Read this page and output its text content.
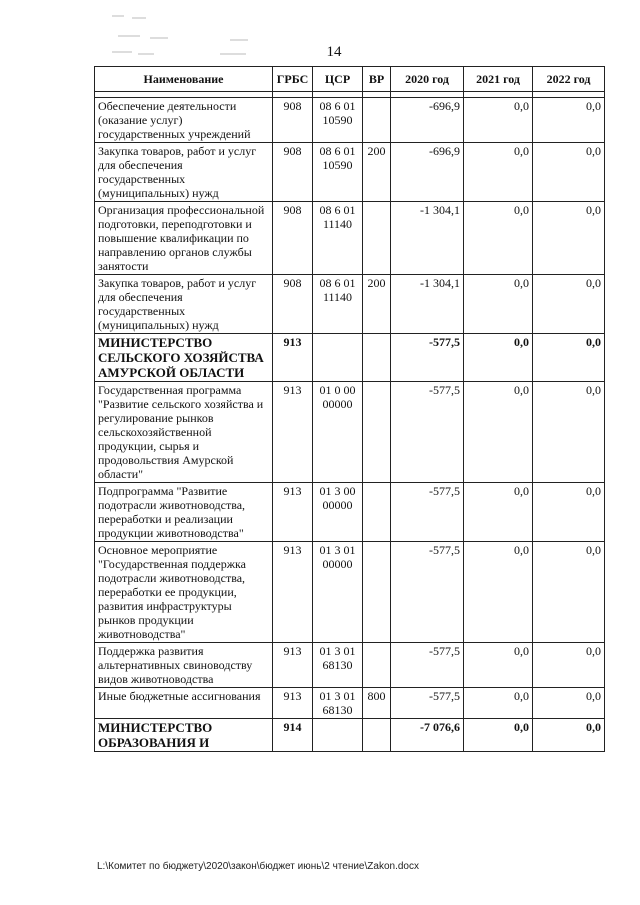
14
Наименование	ГРБС	ЦСР	ВР	2020 год	2021 год	2022 год

Обеспечение деятельности (оказание услуг) государственных учреждений	908	08 6 01 10590		-696,9	0,0	0,0
Закупка товаров, работ и услуг для обеспечения государственных (муниципальных) нужд	908	08 6 01 10590	200	-696,9	0,0	0,0
Организация профессиональной подготовки, переподготовки и повышение квалификации по направлению органов службы занятости	908	08 6 01 11140		-1 304,1	0,0	0,0
Закупка товаров, работ и услуг для обеспечения государственных (муниципальных) нужд	908	08 6 01 11140	200	-1 304,1	0,0	0,0
МИНИСТЕРСТВО СЕЛЬСКОГО ХОЗЯЙСТВА АМУРСКОЙ ОБЛАСТИ	913			-577,5	0,0	0,0
Государственная программа "Развитие сельского хозяйства и регулирование рынков сельскохозяйственной продукции, сырья и продовольствия Амурской области"	913	01 0 00 00000		-577,5	0,0	0,0
Подпрограмма "Развитие подотрасли животноводства, переработки и реализации продукции животноводства"	913	01 3 00 00000		-577,5	0,0	0,0
Основное мероприятие "Государственная поддержка подотрасли животноводства, переработки ее продукции, развития инфраструктуры рынков продукции животноводства"	913	01 3 01 00000		-577,5	0,0	0,0
Поддержка развития альтернативных свиноводству видов животноводства	913	01 3 01 68130		-577,5	0,0	0,0
Иные бюджетные ассигнования	913	01 3 01 68130	800	-577,5	0,0	0,0
МИНИСТЕРСТВО ОБРАЗОВАНИЯ И	914			-7 076,6	0,0	0,0
L:\Комитет по бюджету\2020\закон\бюджет июнь\2 чтение\Zakon.docx
